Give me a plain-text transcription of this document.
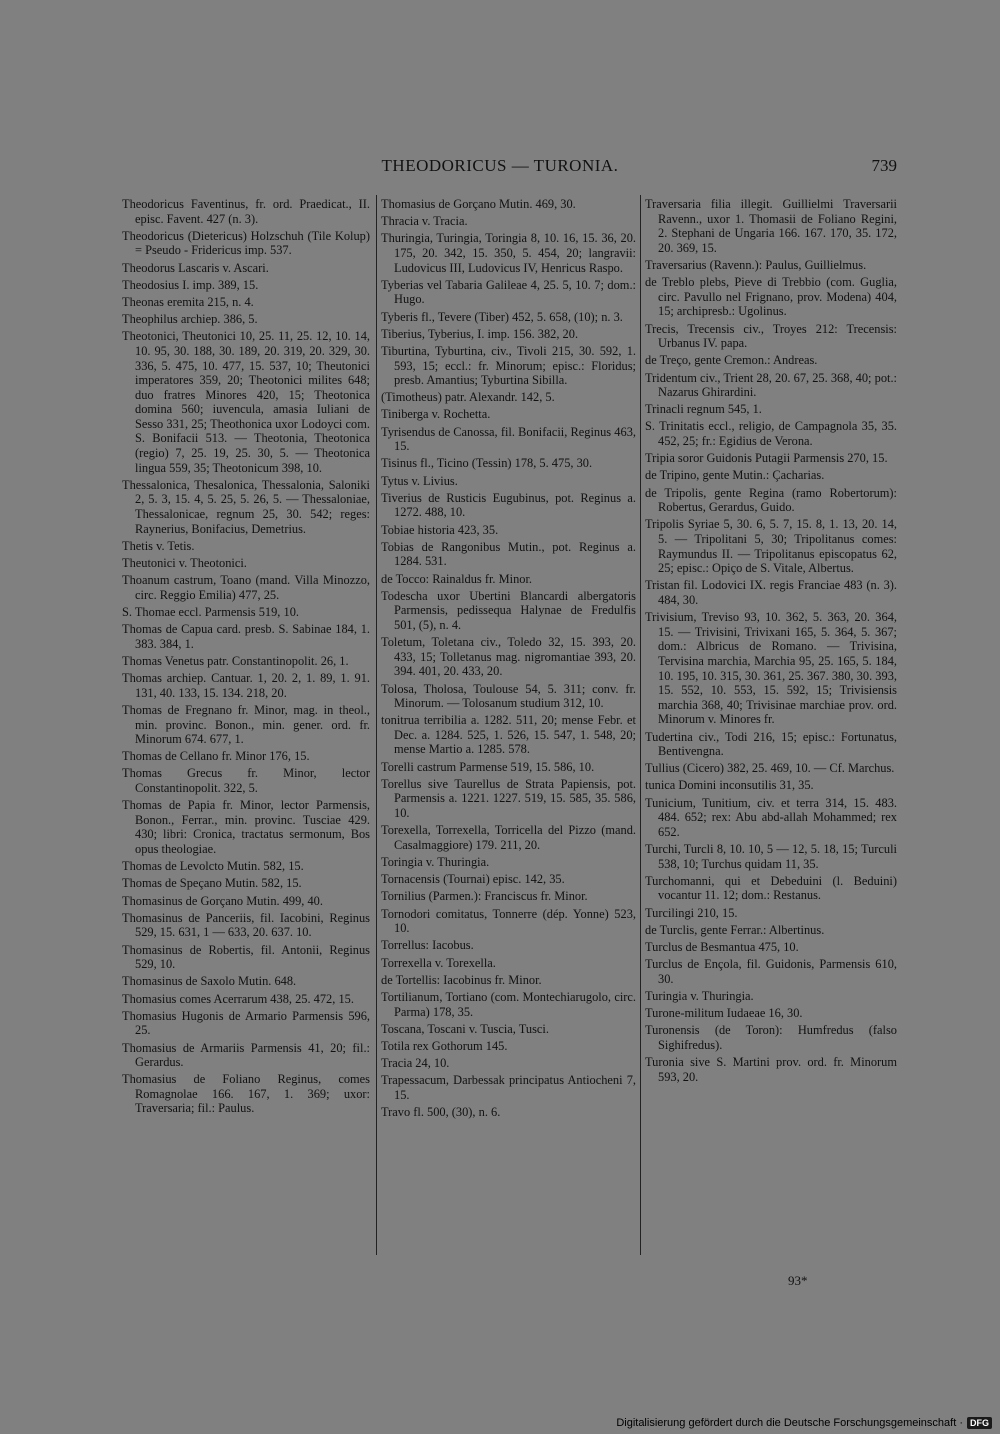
THEODORICUS — TURONIA.	739
Theodoricus Faventinus, fr. ord. Praedicat., II. episc. Favent. 427 (n. 3).
Theodoricus (Dietericus) Holzschuh (Tile Kolup) = Pseudo - Fridericus imp. 537.
Theodorus Lascaris v. Ascari.
Theodosius I. imp. 389, 15.
Theonas eremita 215, n. 4.
Theophilus archiep. 386, 5.
Theotonici, Theutonici 10, 25. 11, 25. 12, 10. 14, 10. 95, 30. 188, 30. 189, 20. 319, 20. 329, 30. 336, 5. 475, 10. 477, 15. 537, 10; Theutonici imperatores 359, 20; Theotonici milites 648; duo fratres Minores 420, 15; Theotonica domina 560; iuvencula, amasia Iuliani de Sesso 331, 25; Theothonica uxor Lodoyci com. S. Bonifacii 513. — Theotonia, Theotonica (regio) 7, 25. 19, 25. 30, 5. — Theotonica lingua 559, 35; Theotonicum 398, 10.
Thessalonica, Thesalonica, Thessalonia, Saloniki 2, 5. 3, 15. 4, 5. 25, 5. 26, 5. — Thessaloniae, Thessalonicae, regnum 25, 30. 542; reges: Raynerius, Bonifacius, Demetrius.
Thetis v. Tetis.
Theutonici v. Theotonici.
Thoanum castrum, Toano (mand. Villa Minozzo, circ. Reggio Emilia) 477, 25.
S. Thomae eccl. Parmensis 519, 10.
Thomas de Capua card. presb. S. Sabinae 184, 1. 383. 384, 1.
Thomas Venetus patr. Constantinopolit. 26, 1.
Thomas archiep. Cantuar. 1, 20. 2, 1. 89, 1. 91. 131, 40. 133, 15. 134. 218, 20.
Thomas de Fregnano fr. Minor, mag. in theol., min. provinc. Bonon., min. gener. ord. fr. Minorum 674. 677, 1.
Thomas de Cellano fr. Minor 176, 15.
Thomas Grecus fr. Minor, lector Constantinopolit. 322, 5.
Thomas de Papia fr. Minor, lector Parmensis, Bonon., Ferrar., min. provinc. Tusciae 429. 430; libri: Cronica, tractatus sermonum, Bos opus theologiae.
Thomas de Levolcto Mutin. 582, 15.
Thomas de Speçano Mutin. 582, 15.
Thomasinus de Gorçano Mutin. 499, 40.
Thomasinus de Panceriis, fil. Iacobini, Reginus 529, 15. 631, 1 — 633, 20. 637. 10.
Thomasinus de Robertis, fil. Antonii, Reginus 529, 10.
Thomasinus de Saxolo Mutin. 648.
Thomasius comes Acerrarum 438, 25. 472, 15.
Thomasius Hugonis de Armario Parmensis 596, 25.
Thomasius de Armariis Parmensis 41, 20; fil.: Gerardus.
Thomasius de Foliano Reginus, comes Romagnolae 166. 167, 1. 369; uxor: Traversaria; fil.: Paulus.
Thomasius de Gorçano Mutin. 469, 30.
Thracia v. Tracia.
Thuringia, Turingia, Toringia 8, 10. 16, 15. 36, 20. 175, 20. 342, 15. 350, 5. 454, 20; langravii: Ludovicus III, Ludovicus IV, Henricus Raspo.
Tyberias vel Tabaria Galileae 4, 25. 5, 10. 7; dom.: Hugo.
Tyberis fl., Tevere (Tiber) 452, 5. 658, (10); n. 3.
Tiberius, Tyberius, I. imp. 156. 382, 20.
Tiburtina, Tyburtina, civ., Tivoli 215, 30. 592, 1. 593, 15; eccl.: fr. Minorum; episc.: Floridus; presb. Amantius; Tyburtina Sibilla.
(Timotheus) patr. Alexandr. 142, 5.
Tiniberga v. Rochetta.
Tyrisendus de Canossa, fil. Bonifacii, Reginus 463, 15.
Tisinus fl., Ticino (Tessin) 178, 5. 475, 30.
Tytus v. Livius.
Tiverius de Rusticis Eugubinus, pot. Reginus a. 1272. 488, 10.
Tobiae historia 423, 35.
Tobias de Rangonibus Mutin., pot. Reginus a. 1284. 531.
de Tocco: Rainaldus fr. Minor.
Todescha uxor Ubertini Blancardi albergatoris Parmensis, pedissequa Halynae de Fredulfis 501, (5), n. 4.
Toletum, Toletana civ., Toledo 32, 15. 393, 20. 433, 15; Tolletanus mag. nigromantiae 393, 20. 394. 401, 20. 433, 20.
Tolosa, Tholosa, Toulouse 54, 5. 311; conv. fr. Minorum. — Tolosanum studium 312, 10.
tonitrua terribilia a. 1282. 511, 20; mense Febr. et Dec. a. 1284. 525, 1. 526, 15. 547, 1. 548, 20; mense Martio a. 1285. 578.
Torelli castrum Parmense 519, 15. 586, 10.
Torellus sive Taurellus de Strata Papiensis, pot. Parmensis a. 1221. 1227. 519, 15. 585, 35. 586, 10.
Torexella, Torrexella, Torricella del Pizzo (mand. Casalmaggiore) 179. 211, 20.
Toringia v. Thuringia.
Tornacensis (Tournai) episc. 142, 35.
Tornilius (Parmen.): Franciscus fr. Minor.
Tornodori comitatus, Tonnerre (dép. Yonne) 523, 10.
Torrellus: Iacobus.
Torrexella v. Torexella.
de Tortellis: Iacobinus fr. Minor.
Tortilianum, Tortiano (com. Montechiarugolo, circ. Parma) 178, 35.
Toscana, Toscani v. Tuscia, Tusci.
Totila rex Gothorum 145.
Tracia 24, 10.
Trapessacum, Darbessak principatus Antiocheni 7, 15.
Travo fl. 500, (30), n. 6.
Traversaria filia illegit. Guillielmi Traversarii Ravenn., uxor 1. Thomasii de Foliano Regini, 2. Stephani de Ungaria 166. 167. 170, 35. 172, 20. 369, 15.
Traversarius (Ravenn.): Paulus, Guillielmus.
de Treblo plebs, Pieve di Trebbio (com. Guglia, circ. Pavullo nel Frignano, prov. Modena) 404, 15; archipresb.: Ugolinus.
Trecis, Trecensis civ., Troyes 212: Trecensis: Urbanus IV. papa.
de Treço, gente Cremon.: Andreas.
Tridentum civ., Trient 28, 20. 67, 25. 368, 40; pot.: Nazarus Ghirardini.
Trinacli regnum 545, 1.
S. Trinitatis eccl., religio, de Campagnola 35, 35. 452, 25; fr.: Egidius de Verona.
Tripia soror Guidonis Putagii Parmensis 270, 15.
de Tripino, gente Mutin.: Çacharias.
de Tripolis, gente Regina (ramo Robertorum): Robertus, Gerardus, Guido.
Tripolis Syriae 5, 30. 6, 5. 7, 15. 8, 1. 13, 20. 14, 5. — Tripolitani 5, 30; Tripolitanus comes: Raymundus II. — Tripolitanus episcopatus 62, 25; episc.: Opiço de S. Vitale, Albertus.
Tristan fil. Lodovici IX. regis Franciae 483 (n. 3). 484, 30.
Trivisium, Treviso 93, 10. 362, 5. 363, 20. 364, 15. — Trivisini, Trivixani 165, 5. 364, 5. 367; dom.: Albricus de Romano. — Trivisina, Tervisina marchia, Marchia 95, 25. 165, 5. 184, 10. 195, 10. 315, 30. 361, 25. 367. 380, 30. 393, 15. 552, 10. 553, 15. 592, 15; Trivisiensis marchia 368, 40; Trivisinae marchiae prov. ord. Minorum v. Minores fr.
Tudertina civ., Todi 216, 15; episc.: Fortunatus, Bentivengna.
Tullius (Cicero) 382, 25. 469, 10. — Cf. Marchus.
tunica Domini inconsutilis 31, 35.
Tunicium, Tunitium, civ. et terra 314, 15. 483. 484. 652; rex: Abu abd-allah Mohammed; rex 652.
Turchi, Turcli 8, 10. 10, 5 — 12, 5. 18, 15; Turculi 538, 10; Turchus quidam 11, 35.
Turchomanni, qui et Debeduini (l. Beduini) vocantur 11. 12; dom.: Restanus.
Turcilingi 210, 15.
de Turclis, gente Ferrar.: Albertinus.
Turclus de Besmantua 475, 10.
Turclus de Ençola, fil. Guidonis, Parmensis 610, 30.
Turingia v. Thuringia.
Turone-militum Iudaeae 16, 30.
Turonensis (de Toron): Humfredus (falso Sighifredus).
Turonia sive S. Martini prov. ord. fr. Minorum 593, 20.
93*
Digitalisierung gefördert durch die Deutsche Forschungsgemeinschaft · DFG
